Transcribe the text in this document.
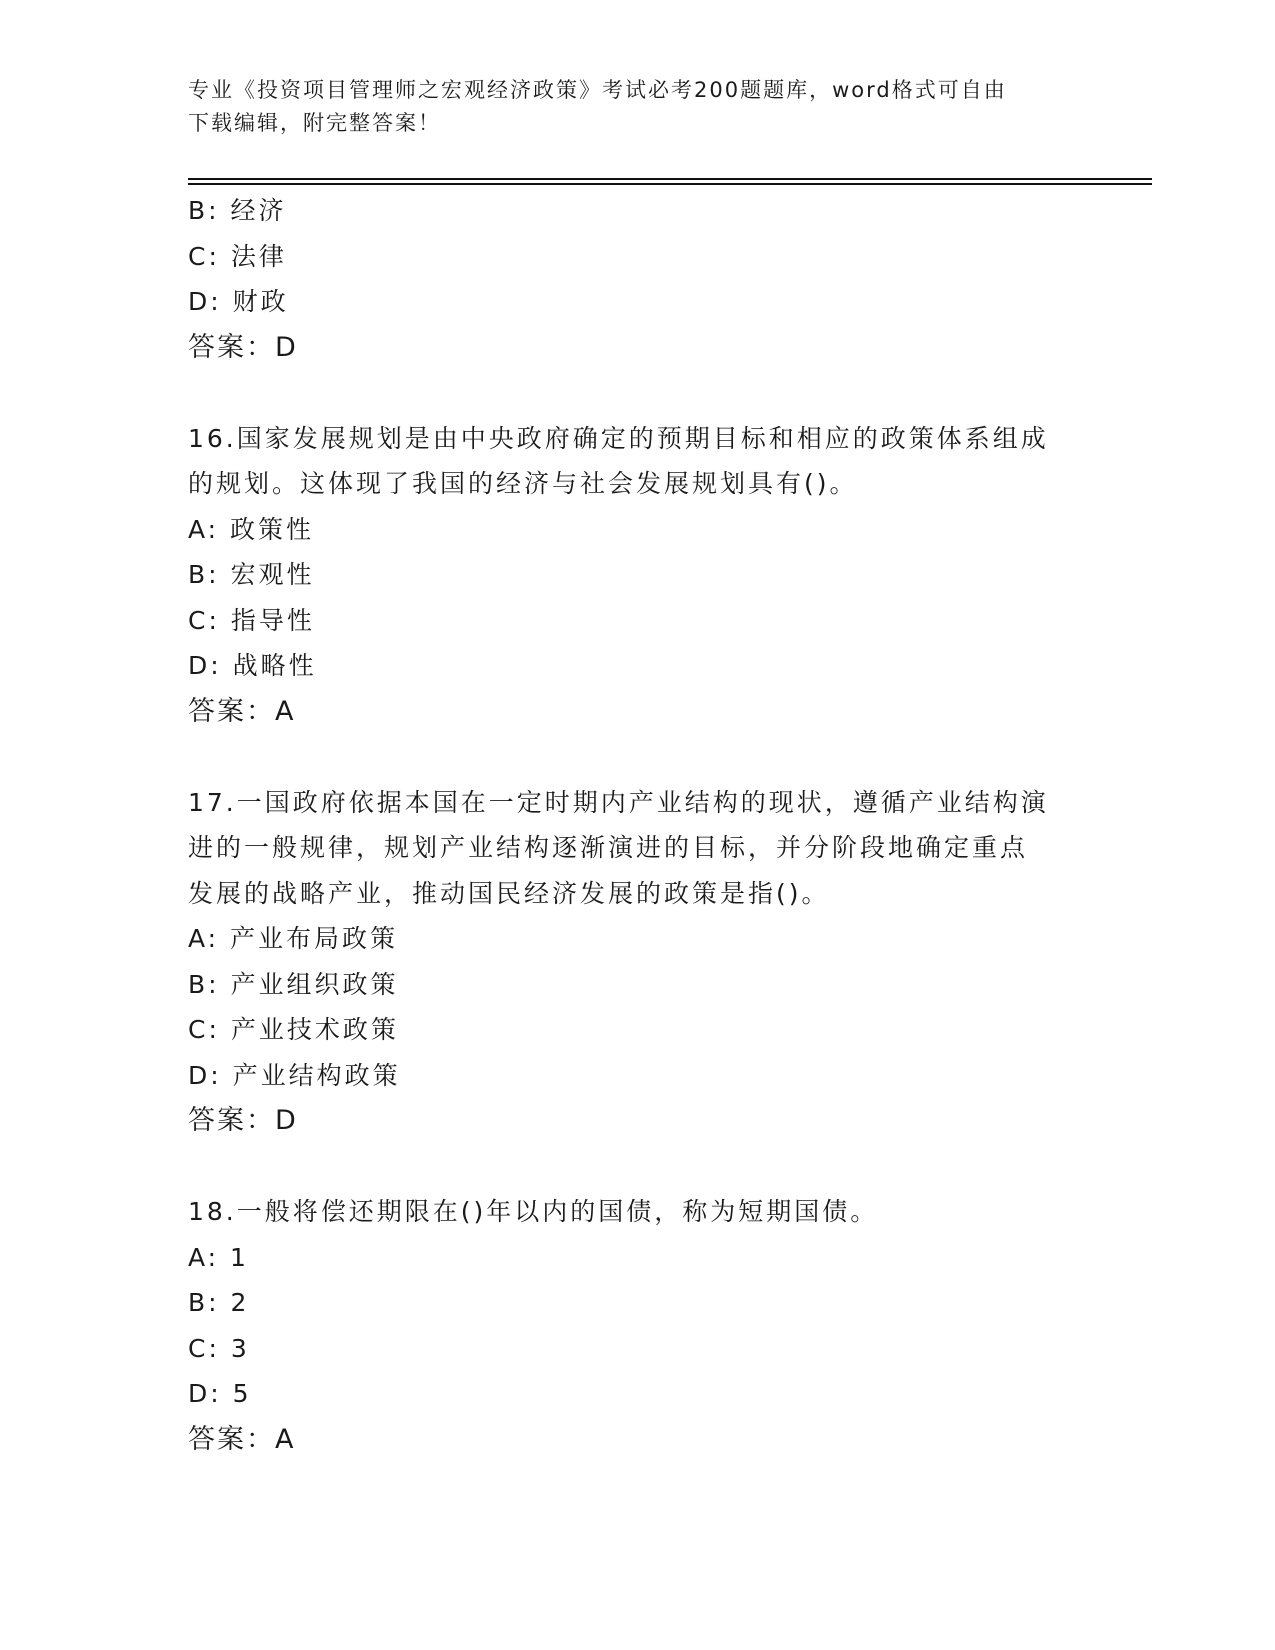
专业《投资项目管理师之宏观经济政策》考试必考200题题库，word格式可自由
下载编辑，附完整答案！
B: 经济
C: 法律
D: 财政
答案：D
16.国家发展规划是由中央政府确定的预期目标和相应的政策体系组成
的规划。这体现了我国的经济与社会发展规划具有()。
A: 政策性
B: 宏观性
C: 指导性
D: 战略性
答案：A
17.一国政府依据本国在一定时期内产业结构的现状，遵循产业结构演
进的一般规律，规划产业结构逐渐演进的目标，并分阶段地确定重点
发展的战略产业，推动国民经济发展的政策是指()。
A: 产业布局政策
B: 产业组织政策
C: 产业技术政策
D: 产业结构政策
答案：D
18.一般将偿还期限在()年以内的国债，称为短期国债。
A: 1
B: 2
C: 3
D: 5
答案：A
